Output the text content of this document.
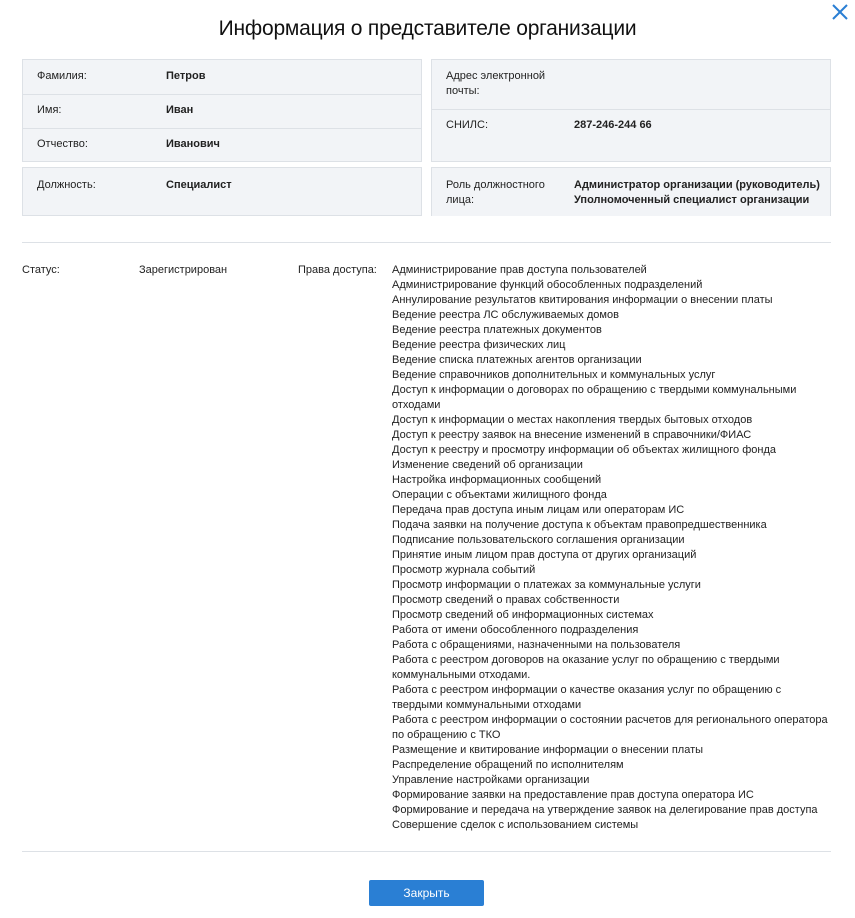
Информация о представителе организации
Фамилия:	Петров
Имя:	Иван
Отчество:	Иванович
Адрес электронной почты:
СНИЛС:	287-246-244 66
Должность:	Специалист	Роль должностного лица:
Администратор организации (руководитель)
Уполномоченный специалист организации
Статус:	Зарегистрирован	Права доступа: Администрирование прав доступа пользователей
Администрирование функций обособленных подразделений
Аннулирование результатов квитирования информации о внесении платы
Ведение реестра ЛС обслуживаемых домов
Ведение реестра платежных документов
Ведение реестра физических лиц
Ведение списка платежных агентов организации
Ведение справочников дополнительных и коммунальных услуг
Доступ к информации о договорах по обращению с твердыми коммунальными отходами
Доступ к информации о местах накопления твердых бытовых отходов
Доступ к реестру заявок на внесение изменений в справочники/ФИАС
Доступ к реестру и просмотру информации об объектах жилищного фонда
Изменение сведений об организации
Настройка информационных сообщений
Операции с объектами жилищного фонда
Передача прав доступа иным лицам или операторам ИС
Подача заявки на получение доступа к объектам правопредшественника
Подписание пользовательского соглашения организации
Принятие иным лицом прав доступа от других организаций
Просмотр журнала событий
Просмотр информации о платежах за коммунальные услуги
Просмотр сведений о правах собственности
Просмотр сведений об информационных системах
Работа от имени обособленного подразделения
Работа с обращениями, назначенными на пользователя
Работа с реестром договоров на оказание услуг по обращению с твердыми коммунальными отходами.
Работа с реестром информации о качестве оказания услуг по обращению с твердыми коммунальными отходами
Работа с реестром информации о состоянии расчетов для регионального оператора по обращению с ТКО
Размещение и квитирование информации о внесении платы
Распределение обращений по исполнителям
Управление настройками организации
Формирование заявки на предоставление прав доступа оператора ИС
Формирование и передача на утверждение заявок на делегирование прав доступа
Совершение сделок с использованием системы
Закрыть
